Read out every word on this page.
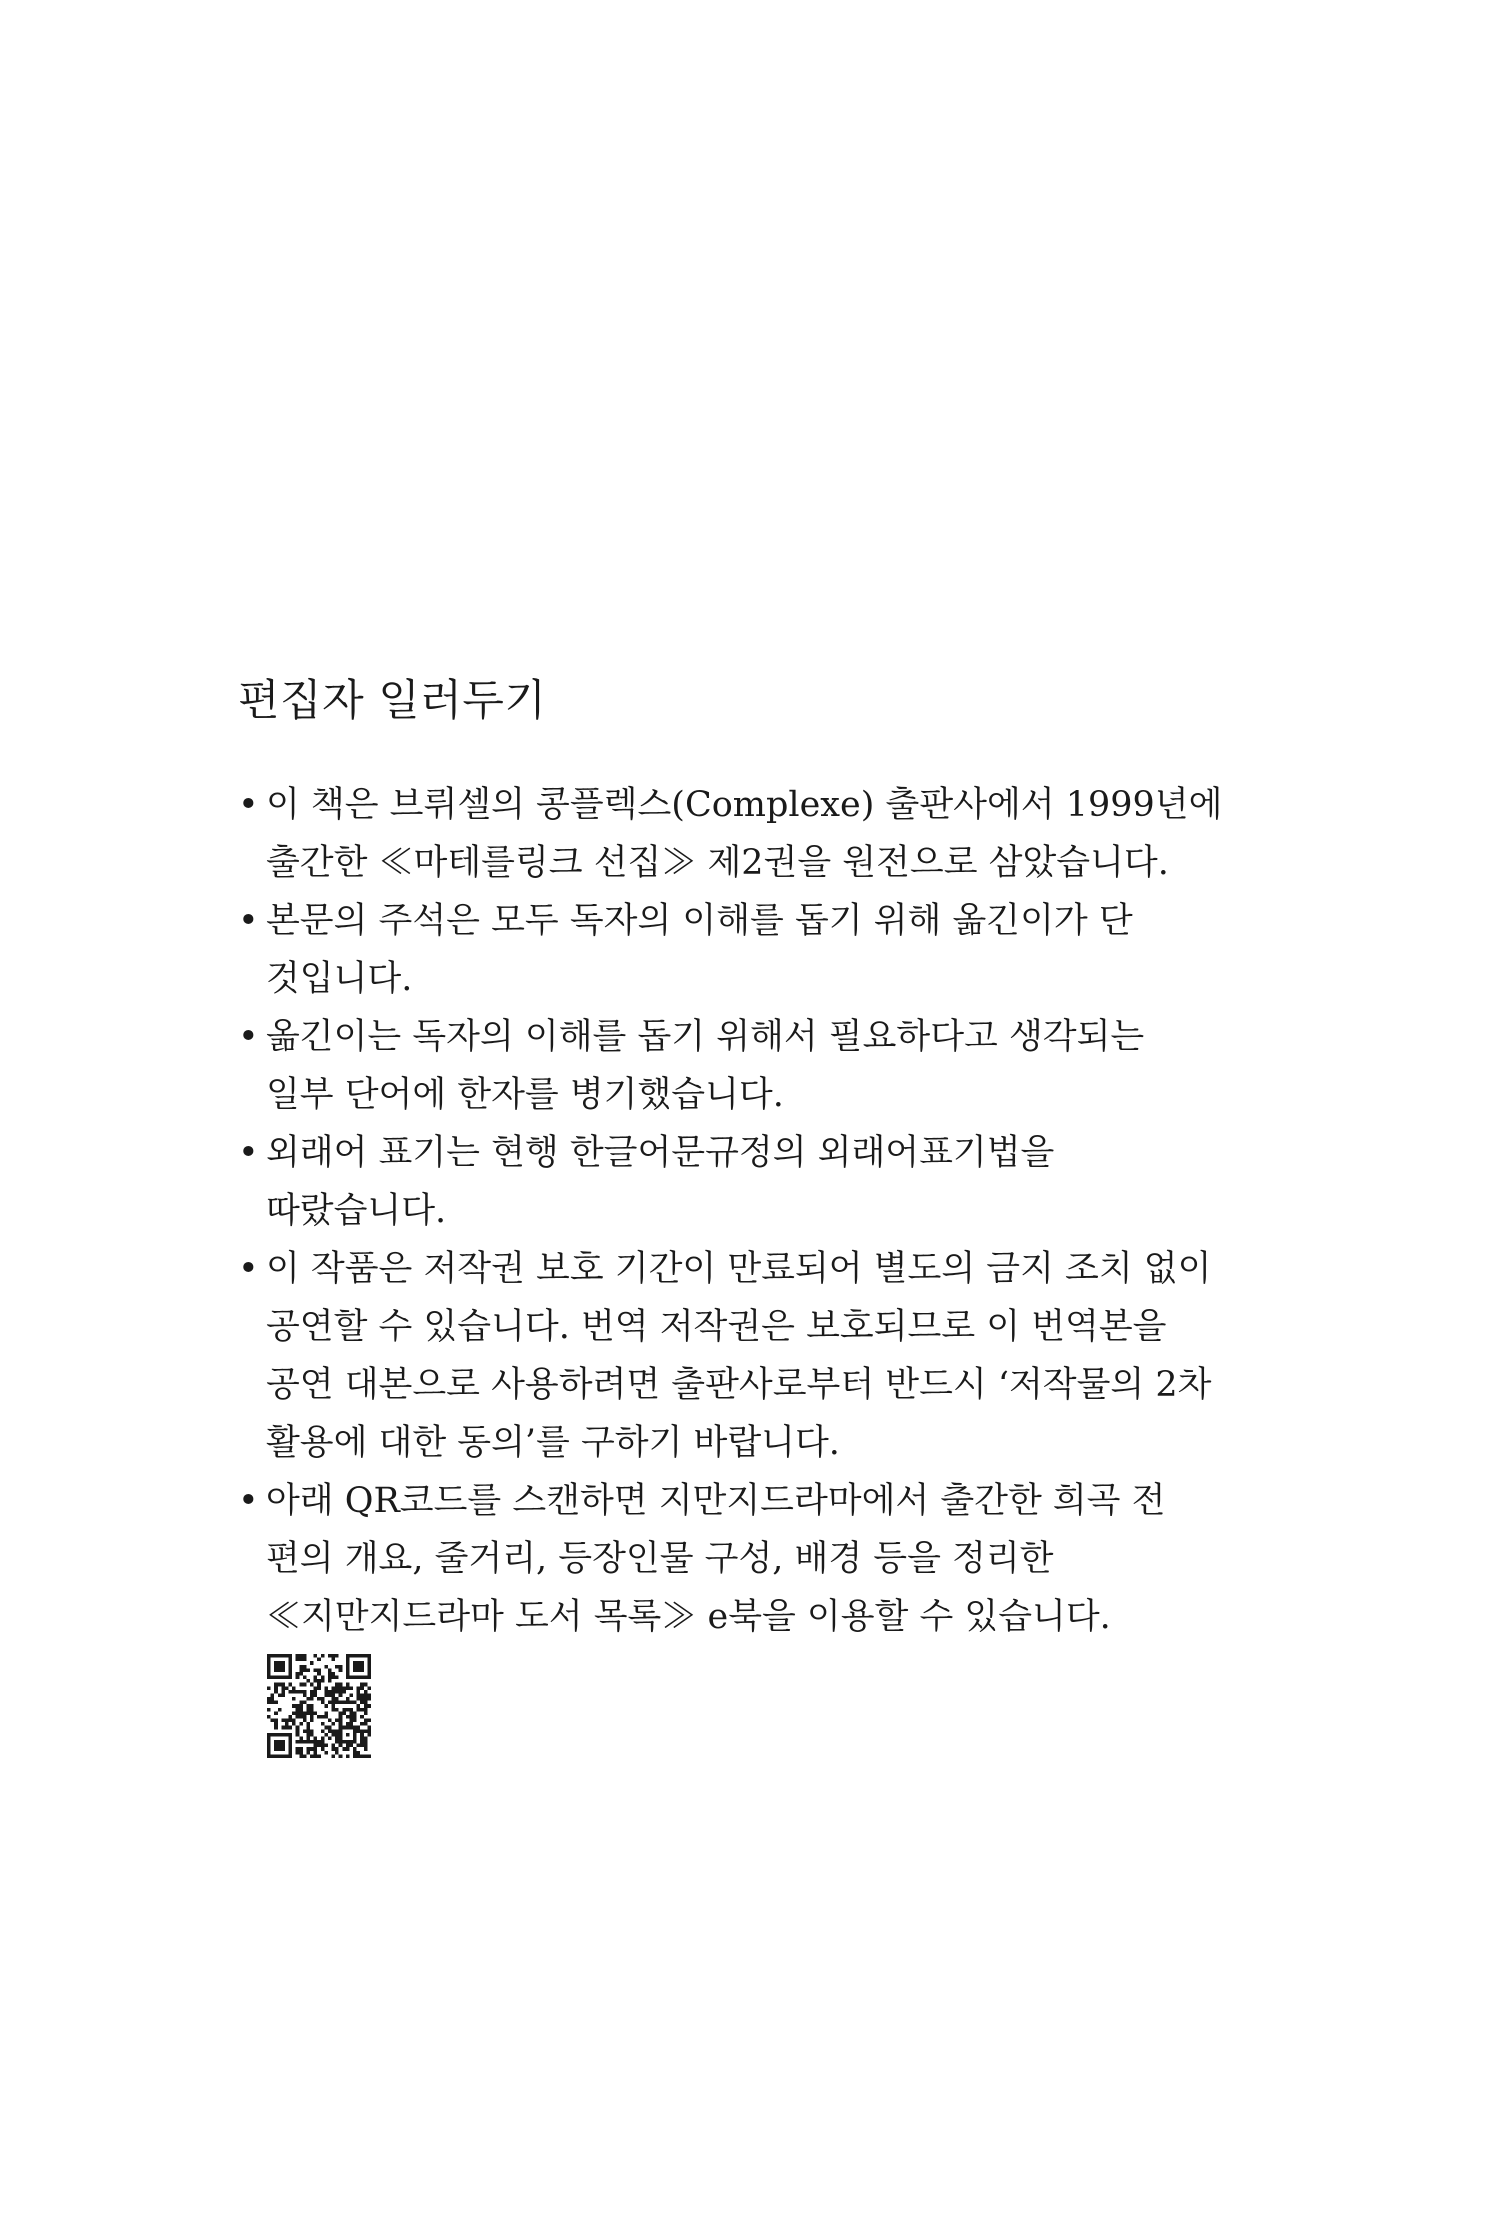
편집자 일러두기
• 이 책은 브뤼셀의 콩플렉스(Complexe) 출판사에서 1999년에
출간한 ≪마테를링크 선집≫ 제2권을 원전으로 삼았습니다.
• 본문의 주석은 모두 독자의 이해를 돕기 위해 옮긴이가 단
것입니다.
• 옮긴이는 독자의 이해를 돕기 위해서 필요하다고 생각되는
일부 단어에 한자를 병기했습니다.
• 외래어 표기는 현행 한글어문규정의 외래어표기법을
따랐습니다.
• 이 작품은 저작권 보호 기간이 만료되어 별도의 금지 조치 없이
공연할 수 있습니다. 번역 저작권은 보호되므로 이 번역본을
공연 대본으로 사용하려면 출판사로부터 반드시 ‘저작물의 2차
활용에 대한 동의’를 구하기 바랍니다.
• 아래 QR코드를 스캔하면 지만지드라마에서 출간한 희곡 전
편의 개요, 줄거리, 등장인물 구성, 배경 등을 정리한
≪지만지드라마 도서 목록≫ e북을 이용할 수 있습니다.
